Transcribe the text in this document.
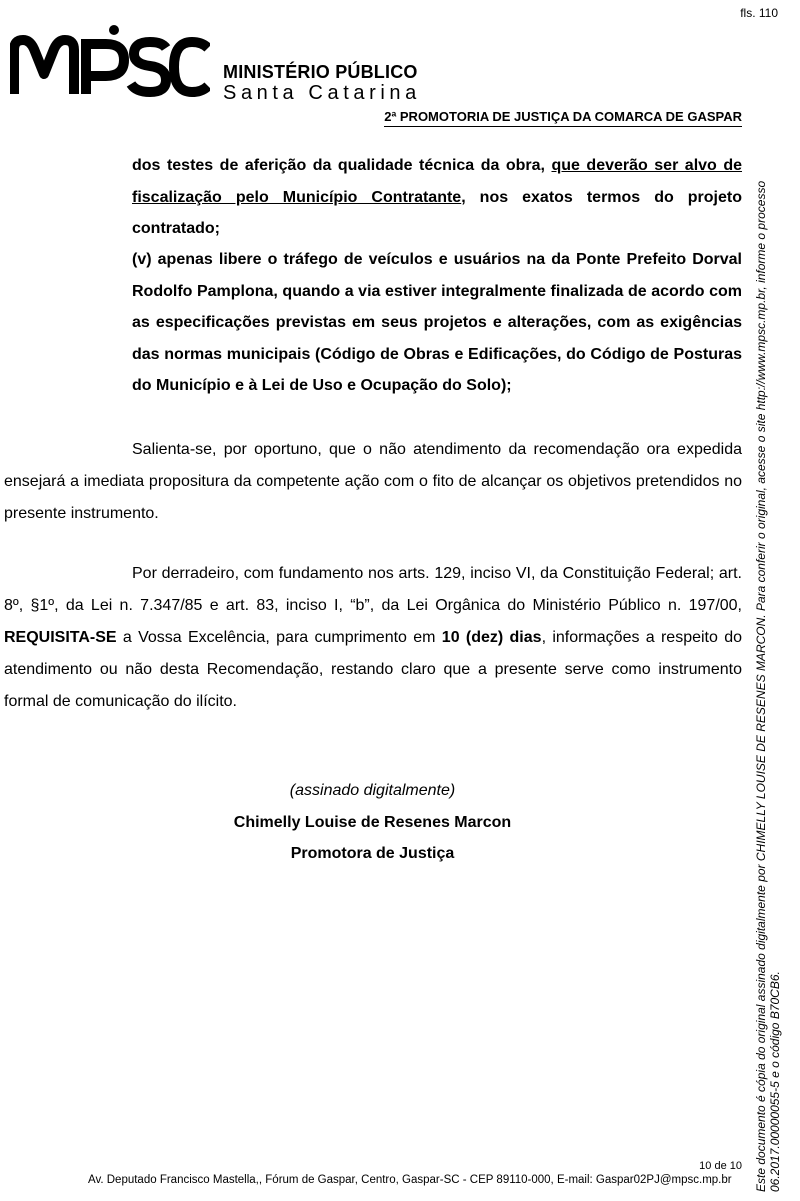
fls. 110
MINISTÉRIO PÚBLICO
Santa Catarina
2ª PROMOTORIA DE JUSTIÇA DA COMARCA DE GASPAR

dos testes de aferição da qualidade técnica da obra, que deverão ser alvo de fiscalização pelo Município Contratante, nos exatos termos do projeto contratado;

(v) apenas libere o tráfego de veículos e usuários na da Ponte Prefeito Dorval Rodolfo Pamplona, quando a via estiver integralmente finalizada de acordo com as especificações previstas em seus projetos e alterações, com as exigências das normas municipais (Código de Obras e Edificações, do Código de Posturas do Município e à Lei de Uso e Ocupação do Solo);

Salienta-se, por oportuno, que o não atendimento da recomendação ora expedida ensejará a imediata propositura da competente ação com o fito de alcançar os objetivos pretendidos no presente instrumento.

Por derradeiro, com fundamento nos arts. 129, inciso VI, da Constituição Federal; art. 8º, §1º, da Lei n. 7.347/85 e art. 83, inciso I, “b”, da Lei Orgânica do Ministério Público n. 197/00, REQUISITA-SE a Vossa Excelência, para cumprimento em 10 (dez) dias, informações a respeito do atendimento ou não desta Recomendação, restando claro que a presente serve como instrumento formal de comunicação do ilícito.

(assinado digitalmente)
Chimelly Louise de Resenes Marcon
Promotora de Justiça	Este documento é cópia do original assinado digitalmente por CHIMELLY LOUISE DE RESENES MARCON. Para conferir o original, acesse o site http://www.mpsc.mp.br, informe o processo 06.2017.00000055-5 e o código B70CB6.
10 de 10
Av. Deputado Francisco Mastella,, Fórum de Gaspar, Centro, Gaspar-SC - CEP 89110-000, E-mail: Gaspar02PJ@mpsc.mp.br
